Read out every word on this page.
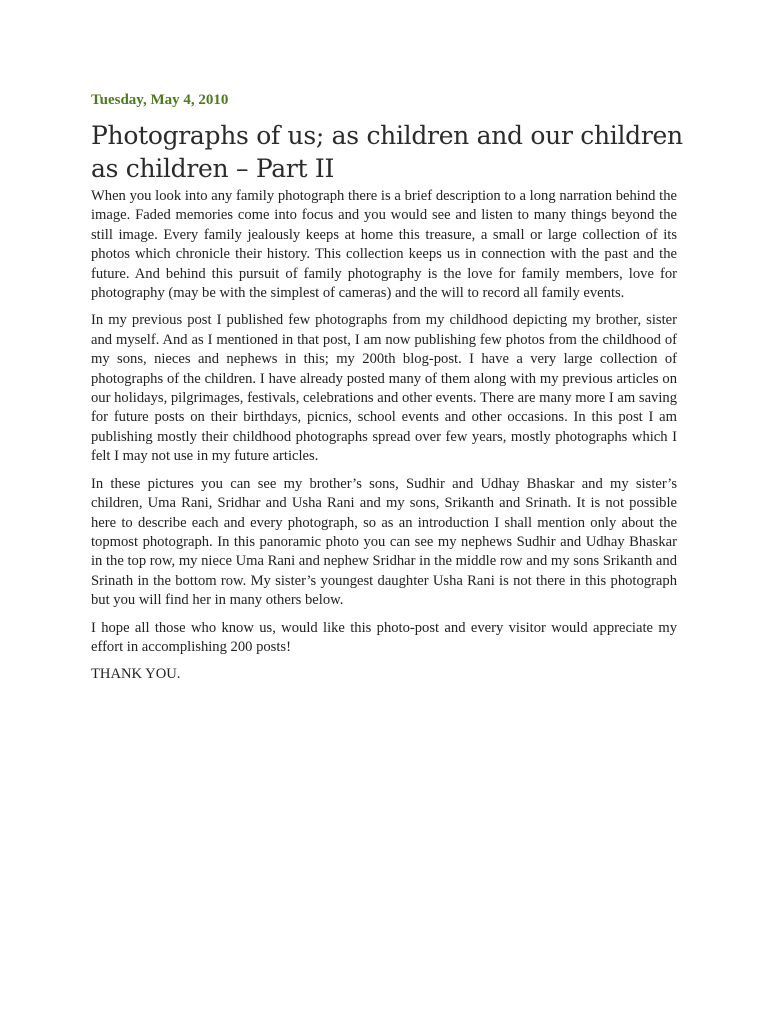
Tuesday, May 4, 2010
Photographs of us; as children and our children as children – Part II

When you look into any family photograph there is a brief description to a long narration behind the image. Faded memories come into focus and you would see and listen to many things beyond the still image. Every family jealously keeps at home this treasure, a small or large collection of its photos which chronicle their history. This collection keeps us in connection with the past and the future. And behind this pursuit of family photography is the love for family members, love for photography (may be with the simplest of cameras) and the will to record all family events.

In my previous post I published few photographs from my childhood depicting my brother, sister and myself. And as I mentioned in that post, I am now publishing few photos from the childhood of my sons, nieces and nephews in this; my 200th blog-post. I have a very large collection of photographs of the children. I have already posted many of them along with my previous articles on our holidays, pilgrimages, festivals, celebrations and other events. There are many more I am saving for future posts on their birthdays, picnics, school events and other occasions. In this post I am publishing mostly their childhood photographs spread over few years, mostly photographs which I felt I may not use in my future articles.

In these pictures you can see my brother’s sons, Sudhir and Udhay Bhaskar and my sister’s children, Uma Rani, Sridhar and Usha Rani and my sons, Srikanth and Srinath. It is not possible here to describe each and every photograph, so as an introduction I shall mention only about the topmost photograph. In this panoramic photo you can see my nephews Sudhir and Udhay Bhaskar in the top row, my niece Uma Rani and nephew Sridhar in the middle row and my sons Srikanth and Srinath in the bottom row. My sister’s youngest daughter Usha Rani is not there in this photograph but you will find her in many others below.

I hope all those who know us, would like this photo-post and every visitor would appreciate my effort in accomplishing 200 posts!

THANK YOU.
